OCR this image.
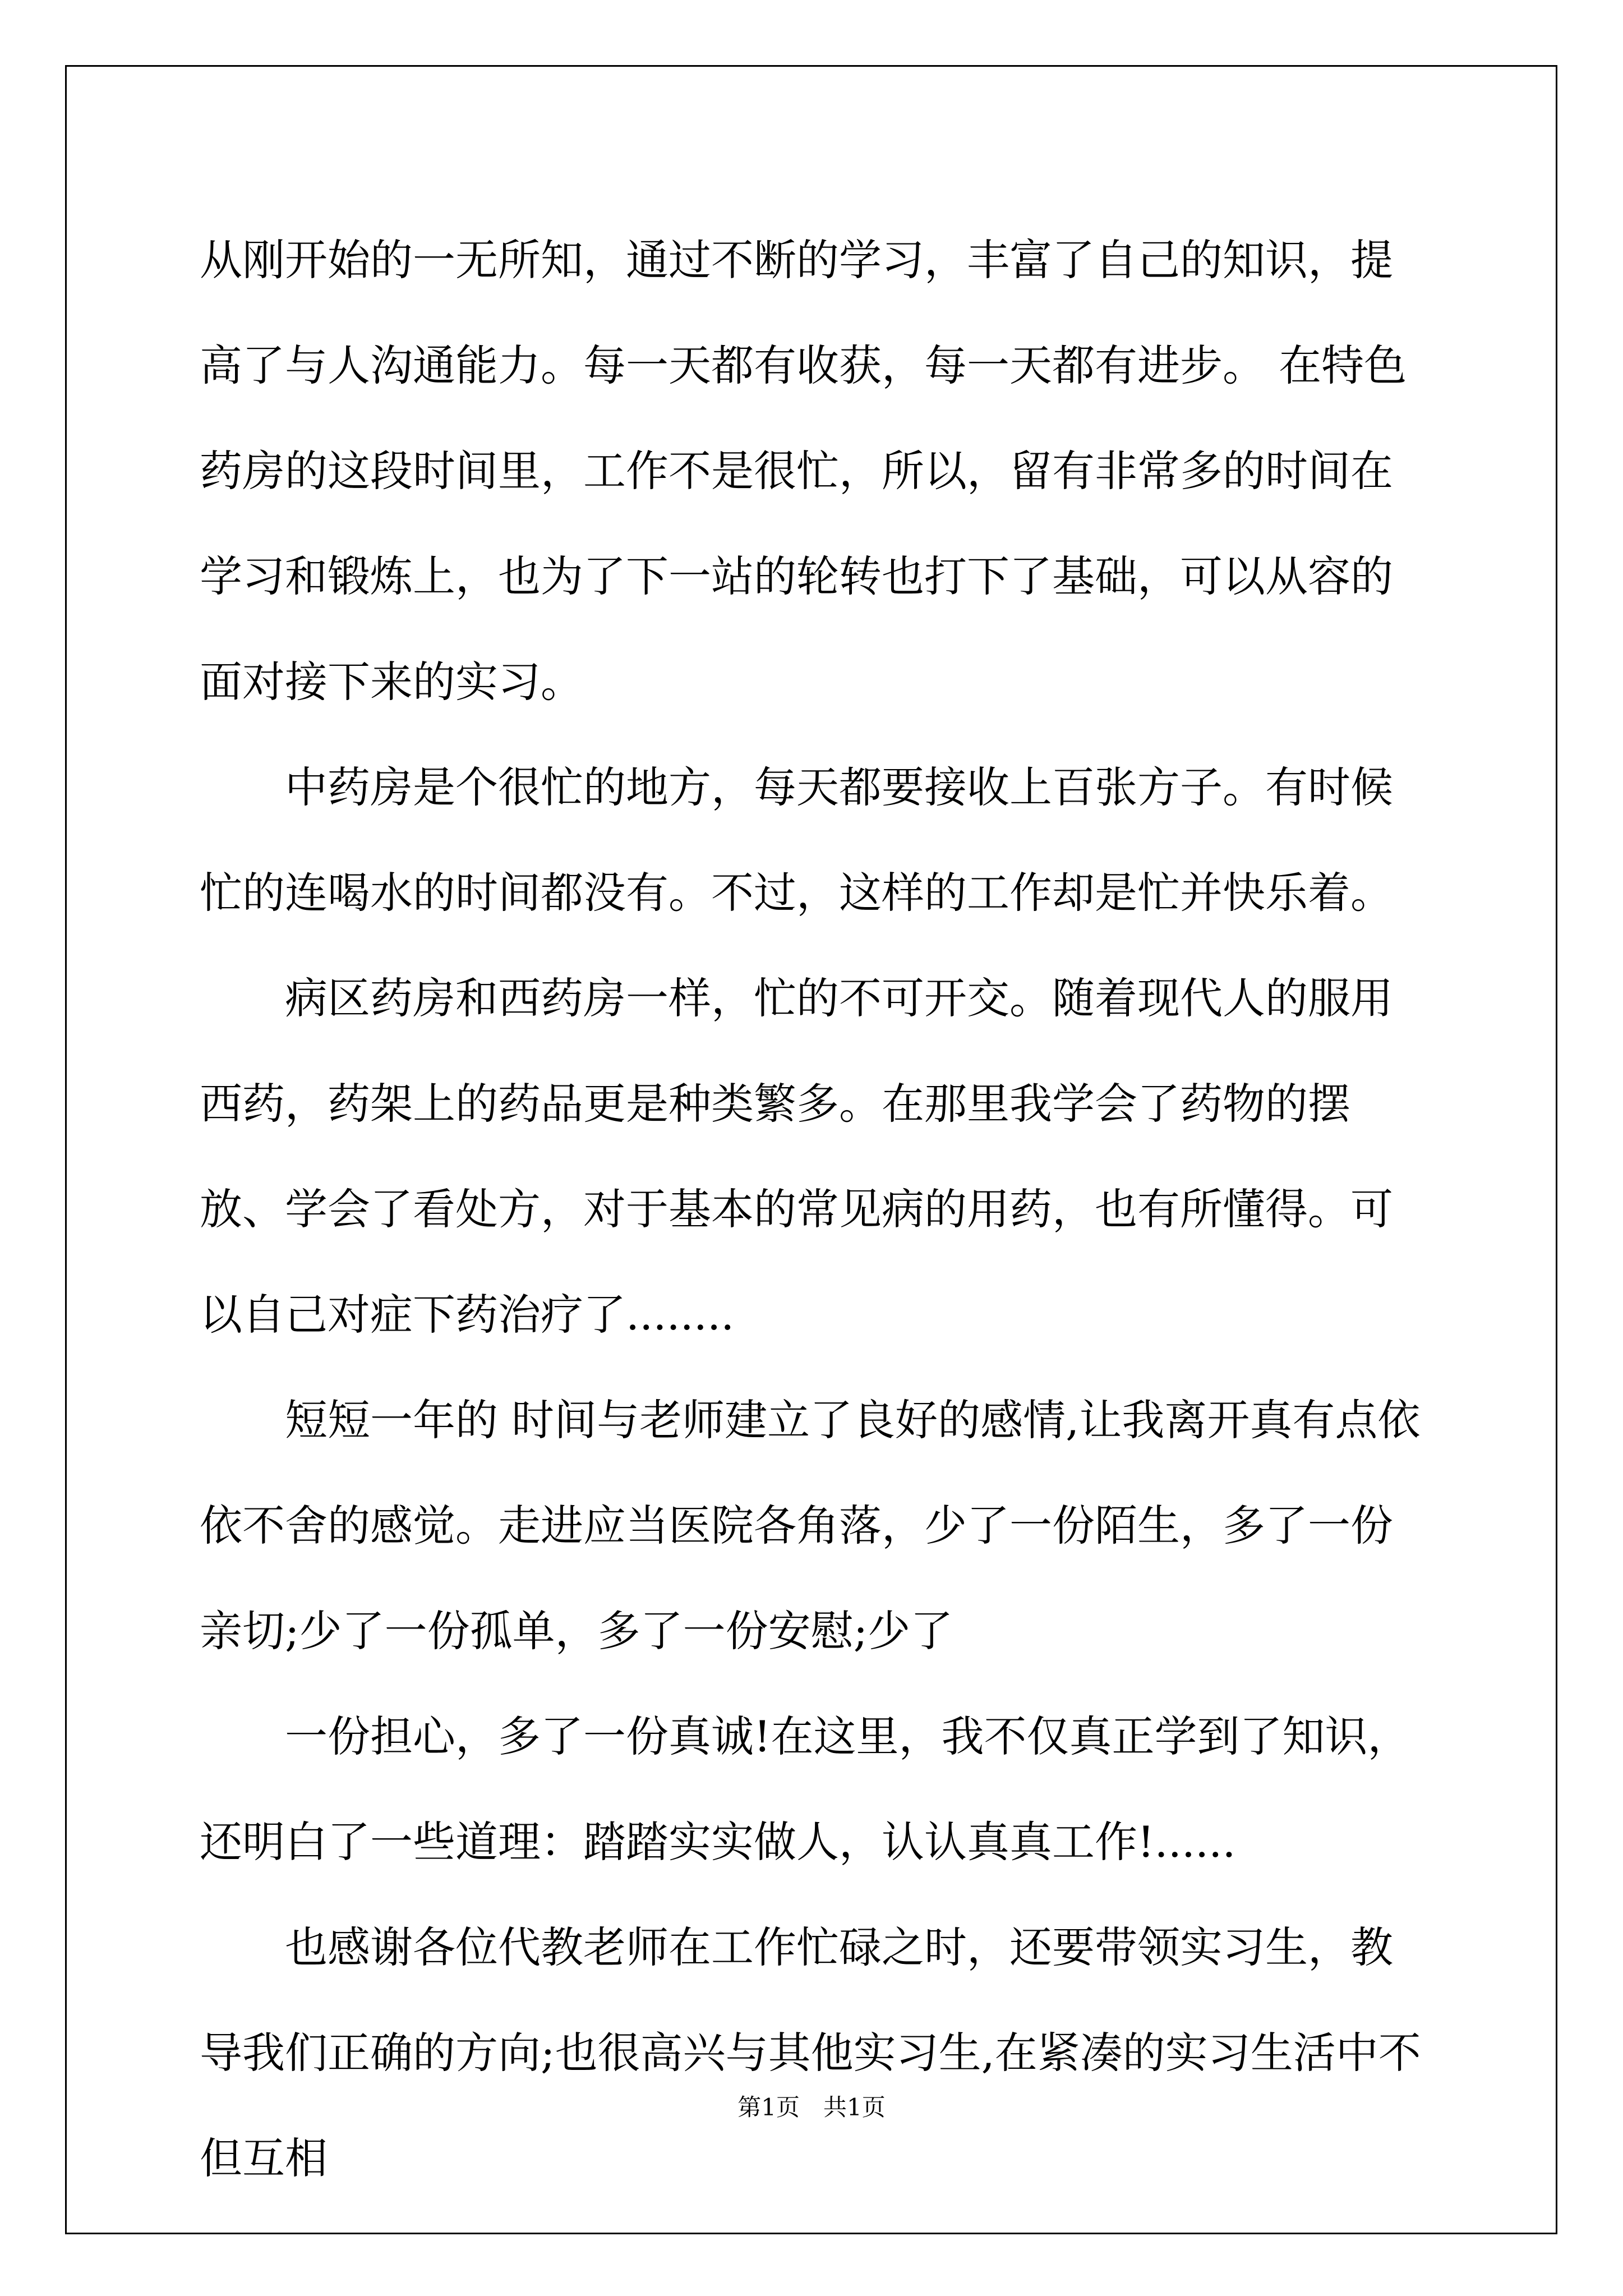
从刚开始的一无所知，通过不断的学习，丰富了自己的知识，提高了与人沟通能力。每一天都有收获，每一天都有进步。 在特色药房的这段时间里，工作不是很忙，所以，留有非常多的时间在学习和锻炼上，也为了下一站的轮转也打下了基础，可以从容的面对接下来的实习。

中药房是个很忙的地方，每天都要接收上百张方子。有时候忙的连喝水的时间都没有。不过，这样的工作却是忙并快乐着。

病区药房和西药房一样，忙的不可开交。随着现代人的服用西药，药架上的药品更是种类繁多。在那里我学会了药物的摆放、学会了看处方，对于基本的常见病的用药，也有所懂得。可以自己对症下药治疗了........

短短一年的 时间与老师建立了良好的感情,让我离开真有点依依不舍的感觉。走进应当医院各角落，少了一份陌生，多了一份亲切;少了一份孤单，多了一份安慰;少了

一份担心，多了一份真诚!在这里，我不仅真正学到了知识，还明白了一些道理：踏踏实实做人，认认真真工作!......

也感谢各位代教老师在工作忙碌之时，还要带领实习生，教导我们正确的方向;也很高兴与其他实习生,在紧凑的实习生活中不但互相

第1页　共1页
